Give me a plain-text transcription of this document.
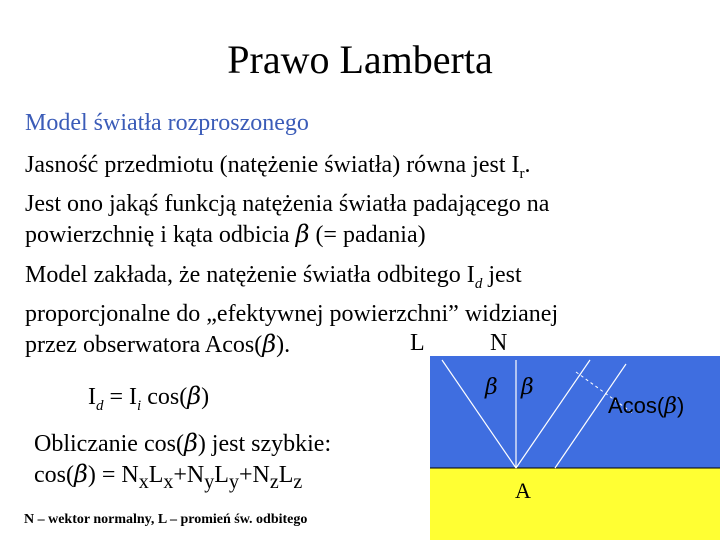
Prawo Lamberta
Model światła rozproszonego
Jasność przedmiotu (natężenie światła) równa jest $I_r$.
Jest ono jakąś funkcją natężenia światła padającego na
powierzchnię i kąta odbicia β (= padania)
Model zakłada, że natężenie światła odbitego $I_d$ jest
proporcjonalne do „efektywnej powierzchni” widzianej
przez obserwatora Acos(β).	L	N
$I_d = I_i$ cos(β)
Obliczanie cos(β) jest szybkie:
$\cos(\beta) = N_xL_x+N_yL_y+N_zL_z$
N – wektor normalny, L – promień św. odbitego
β β
Acos(β)
A
